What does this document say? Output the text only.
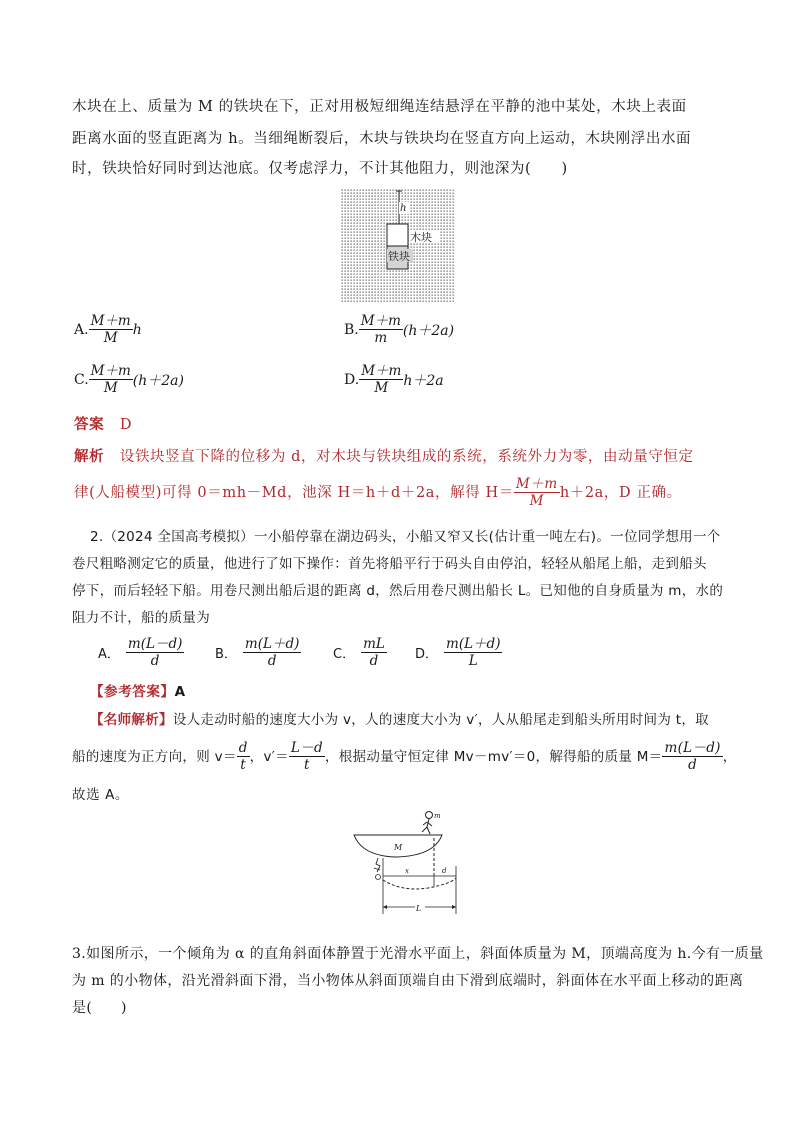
木块在上、质量为 M 的铁块在下，正对用极短细绳连结悬浮在平静的池中某处，木块上表面
距离水面的竖直距离为 h。当细绳断裂后，木块与铁块均在竖直方向上运动，木块刚浮出水面
时，铁块恰好同时到达池底。仅考虑浮力，不计其他阻力，则池深为(　　)
h
木块
铁块
A. $\frac{M+m}{M}$ h	B. $\frac{M+m}{m} (h+2a)$
C. $\frac{M+m}{M} (h+2a)$	D. $\frac{M+m}{M} h+2a$
答案 D
解析 设铁块竖直下降的位移为 d，对木块与铁块组成的系统，系统外力为零，由动量守恒定
律(人船模型)可得 0＝mh－Md，池深 H＝h＋d＋2a，解得 $H= \frac{M+m}{M} h+2a$，D 正确。
2.（2024 全国高考模拟）一小船停靠在湖边码头，小船又窄又长(估计重一吨左右)。一位同学想用一个
卷尺粗略测定它的质量，他进行了如下操作：首先将船平行于码头自由停泊，轻轻从船尾上船，走到船头
停下，而后轻轻下船。用卷尺测出船后退的距离 d，然后用卷尺测出船长 L。已知他的自身质量为 m，水的
阻力不计，船的质量为
A． $\frac{m(L-d)}{d}$ B． $\frac{m(L+d)}{d}$ C． $\frac{mL}{d}$ D． $\frac{m(L+d)}{L}$
【参考答案】A
【名师解析】设人走动时船的速度大小为 v，人的速度大小为 v′，人从船尾走到船头所用时间为 t，取
船的速度为正方向，则 $v= \frac{d}{t}$ ，$v'= \frac{L-d}{t}$ ，根据动量守恒定律 Mv－mv′＝0，解得船的质量 $M= \frac{m(L-d)}{d}$ ，
故选 A。
m
M
x	d
L
3.如图所示，一个倾角为 α 的直角斜面体静置于光滑水平面上，斜面体质量为 M，顶端高度为 h.今有一质量
为 m 的小物体，沿光滑斜面下滑，当小物体从斜面顶端自由下滑到底端时，斜面体在水平面上移动的距离
是(　　)
